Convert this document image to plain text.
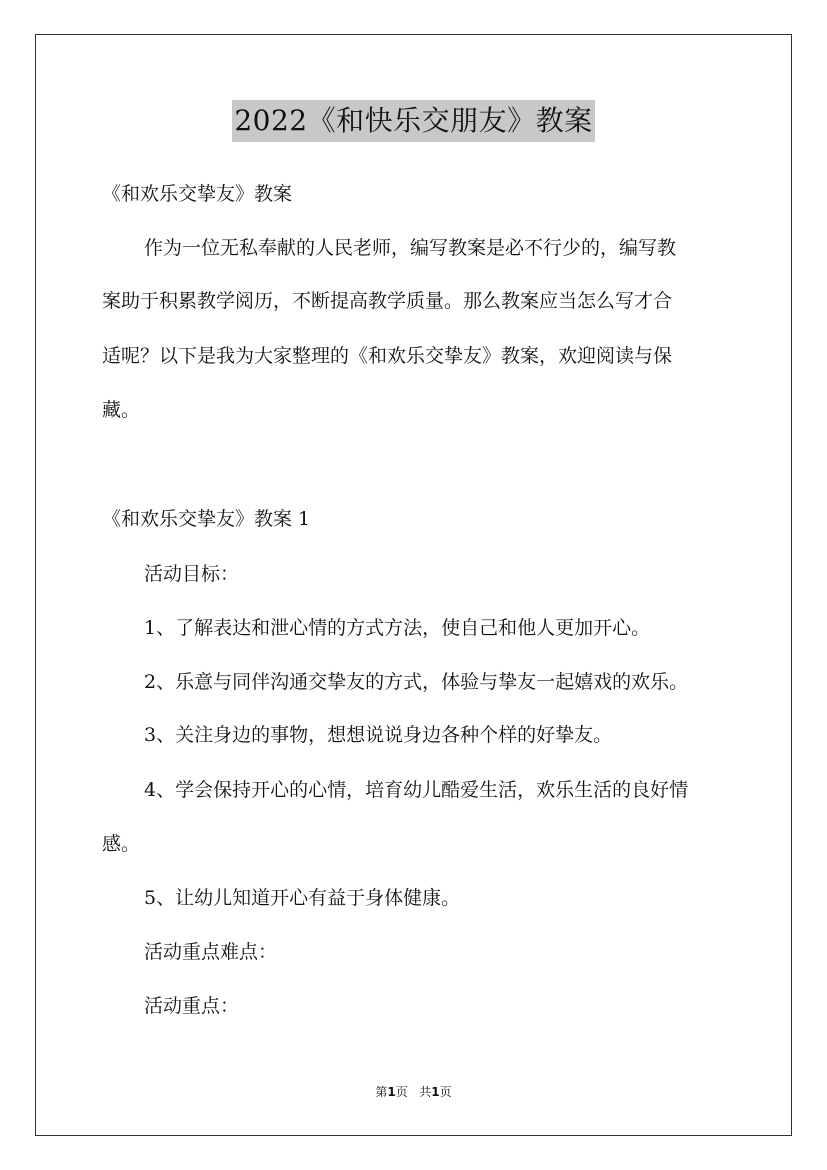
2022《和快乐交朋友》教案
《和欢乐交挚友》教案
作为一位无私奉献的人民老师，编写教案是必不行少的，编写教
案助于积累教学阅历，不断提高教学质量。那么教案应当怎么写才合
适呢？以下是我为大家整理的《和欢乐交挚友》教案，欢迎阅读与保
藏。
《和欢乐交挚友》教案 1
活动目标：
1、了解表达和泄心情的方式方法，使自己和他人更加开心。
2、乐意与同伴沟通交挚友的方式，体验与挚友一起嬉戏的欢乐。
3、关注身边的事物，想想说说身边各种个样的好挚友。
4、学会保持开心的心情，培育幼儿酷爱生活，欢乐生活的良好情
感。
5、让幼儿知道开心有益于身体健康。
活动重点难点：
活动重点：
第1页 共1页
